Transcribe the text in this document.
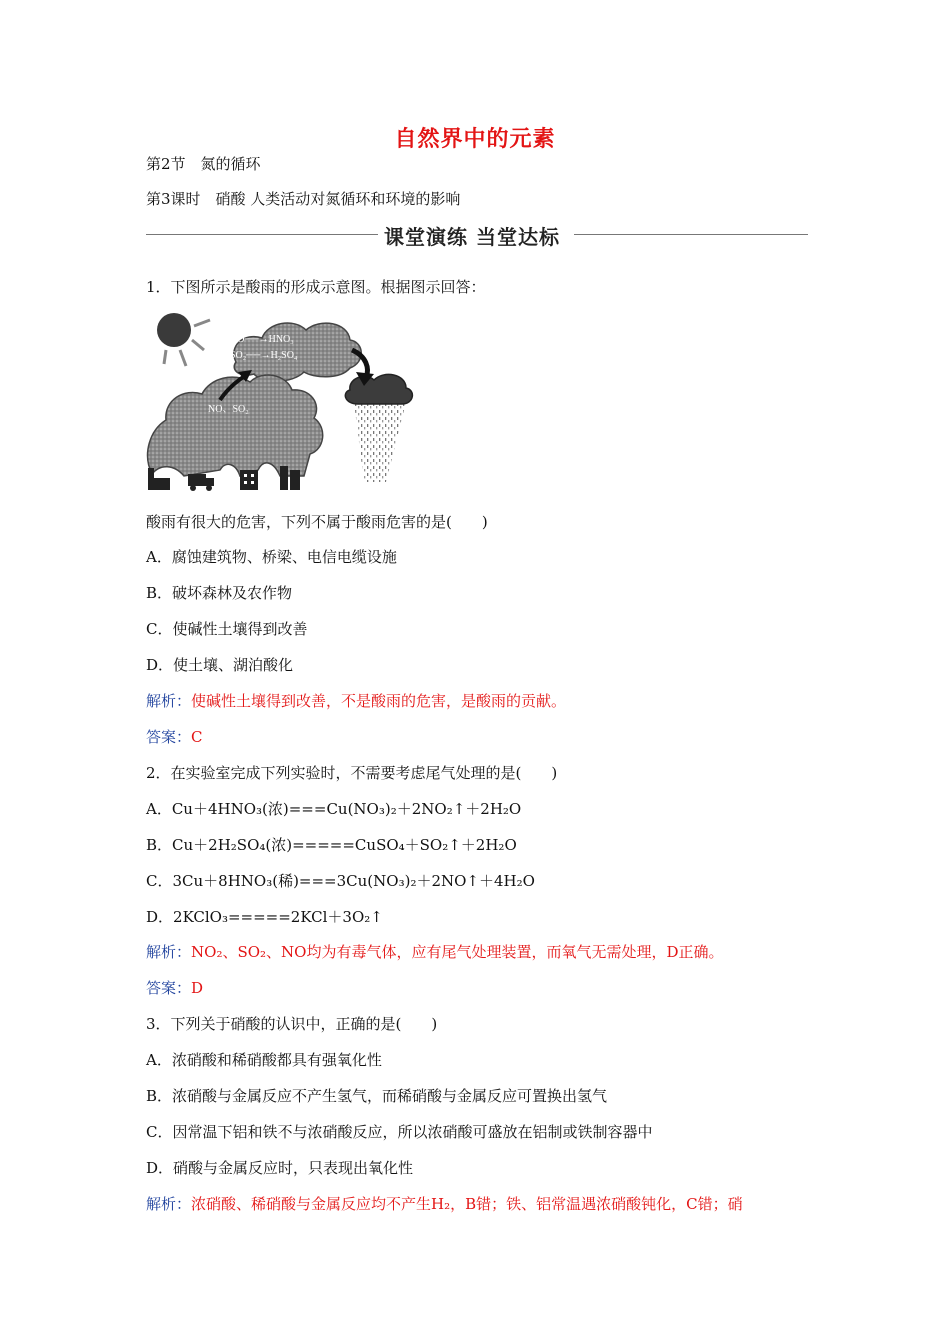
自然界中的元素
第2节　氮的循环
第3课时　硝酸 人类活动对氮循环和环境的影响
课堂演练 当堂达标
1．下图所示是酸雨的形成示意图。根据图示回答：
NO──→HNO₃
SO₂──→H₂SO₄
NO、SO₂
酸雨有很大的危害，下列不属于酸雨危害的是(　　)
A．腐蚀建筑物、桥梁、电信电缆设施
B．破坏森林及农作物
C．使碱性土壤得到改善
D．使土壤、湖泊酸化
解析：使碱性土壤得到改善，不是酸雨的危害，是酸雨的贡献。
答案：C
2．在实验室完成下列实验时，不需要考虑尾气处理的是(　　)
A．Cu＋4HNO₃(浓)===Cu(NO₃)₂＋2NO₂↑＋2H₂O
B．Cu＋2H₂SO₄(浓)=====CuSO₄＋SO₂↑＋2H₂O
C．3Cu＋8HNO₃(稀)===3Cu(NO₃)₂＋2NO↑＋4H₂O
D．2KClO₃=====2KCl＋3O₂↑
解析：NO₂、SO₂、NO均为有毒气体，应有尾气处理装置，而氧气无需处理，D正确。
答案：D
3．下列关于硝酸的认识中，正确的是(　　)
A．浓硝酸和稀硝酸都具有强氧化性
B．浓硝酸与金属反应不产生氢气，而稀硝酸与金属反应可置换出氢气
C．因常温下铝和铁不与浓硝酸反应，所以浓硝酸可盛放在铝制或铁制容器中
D．硝酸与金属反应时，只表现出氧化性
解析：浓硝酸、稀硝酸与金属反应均不产生H₂，B错；铁、铝常温遇浓硝酸钝化，C错；硝
